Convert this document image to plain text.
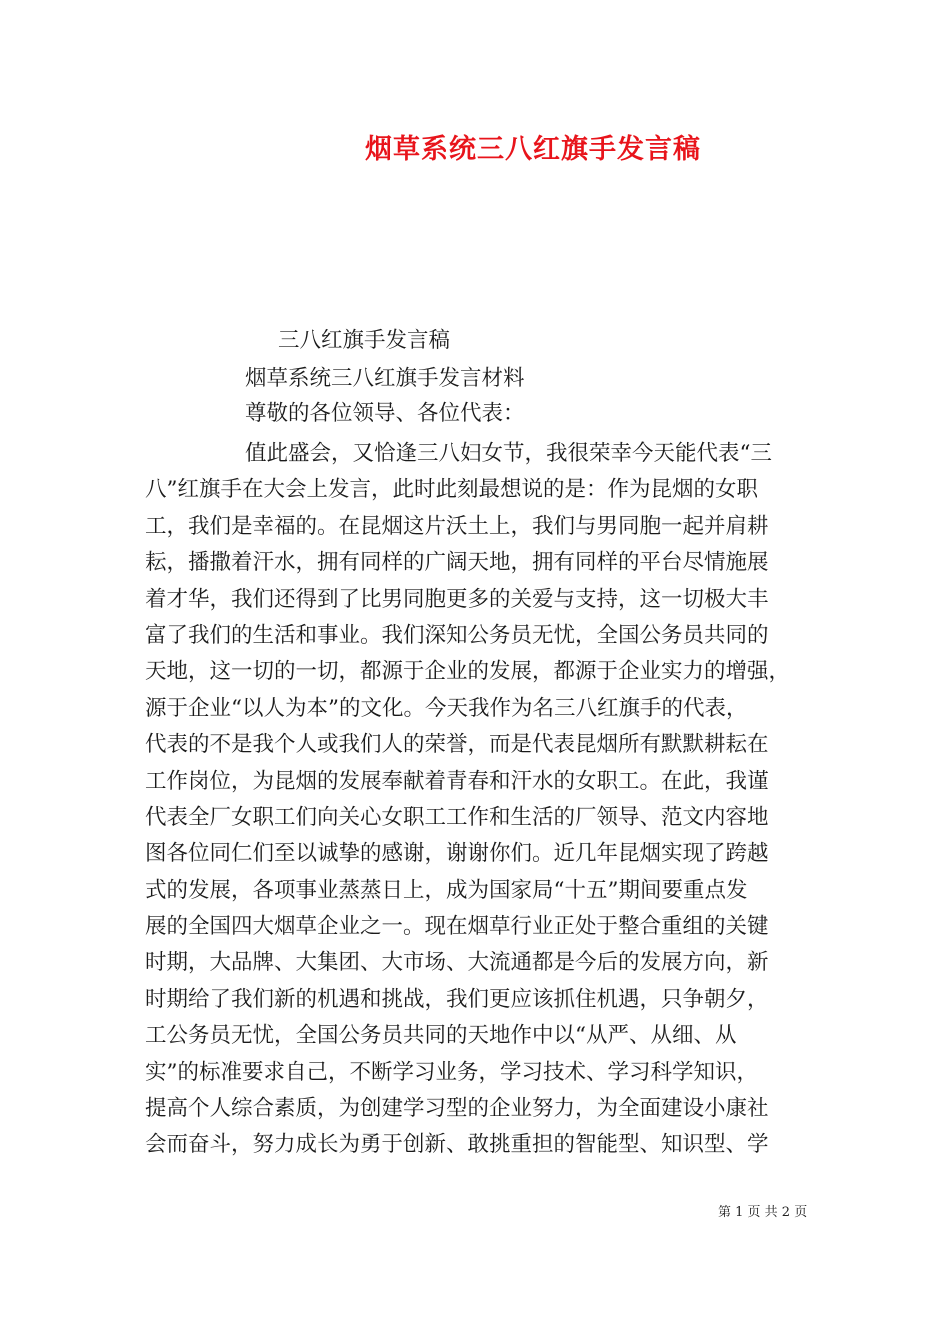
烟草系统三八红旗手发言稿
三八红旗手发言稿
烟草系统三八红旗手发言材料
尊敬的各位领导、各位代表：
值此盛会，又恰逢三八妇女节，我很荣幸今天能代表“三
八”红旗手在大会上发言，此时此刻最想说的是：作为昆烟的女职
工，我们是幸福的。在昆烟这片沃土上，我们与男同胞一起并肩耕
耘，播撒着汗水，拥有同样的广阔天地，拥有同样的平台尽情施展
着才华，我们还得到了比男同胞更多的关爱与支持，这一切极大丰
富了我们的生活和事业。我们深知公务员无忧，全国公务员共同的
天地，这一切的一切，都源于企业的发展，都源于企业实力的增强，
源于企业“以人为本”的文化。今天我作为名三八红旗手的代表，
代表的不是我个人或我们人的荣誉，而是代表昆烟所有默默耕耘在
工作岗位，为昆烟的发展奉献着青春和汗水的女职工。在此，我谨
代表全厂女职工们向关心女职工工作和生活的厂领导、范文内容地
图各位同仁们至以诚挚的感谢，谢谢你们。近几年昆烟实现了跨越
式的发展，各项事业蒸蒸日上，成为国家局“十五”期间要重点发
展的全国四大烟草企业之一。现在烟草行业正处于整合重组的关键
时期，大品牌、大集团、大市场、大流通都是今后的发展方向，新
时期给了我们新的机遇和挑战，我们更应该抓住机遇，只争朝夕，
工公务员无忧，全国公务员共同的天地作中以“从严、从细、从
实”的标准要求自己，不断学习业务，学习技术、学习科学知识，
提高个人综合素质，为创建学习型的企业努力，为全面建设小康社
会而奋斗，努力成长为勇于创新、敢挑重担的智能型、知识型、学
第 1 页 共 2 页
